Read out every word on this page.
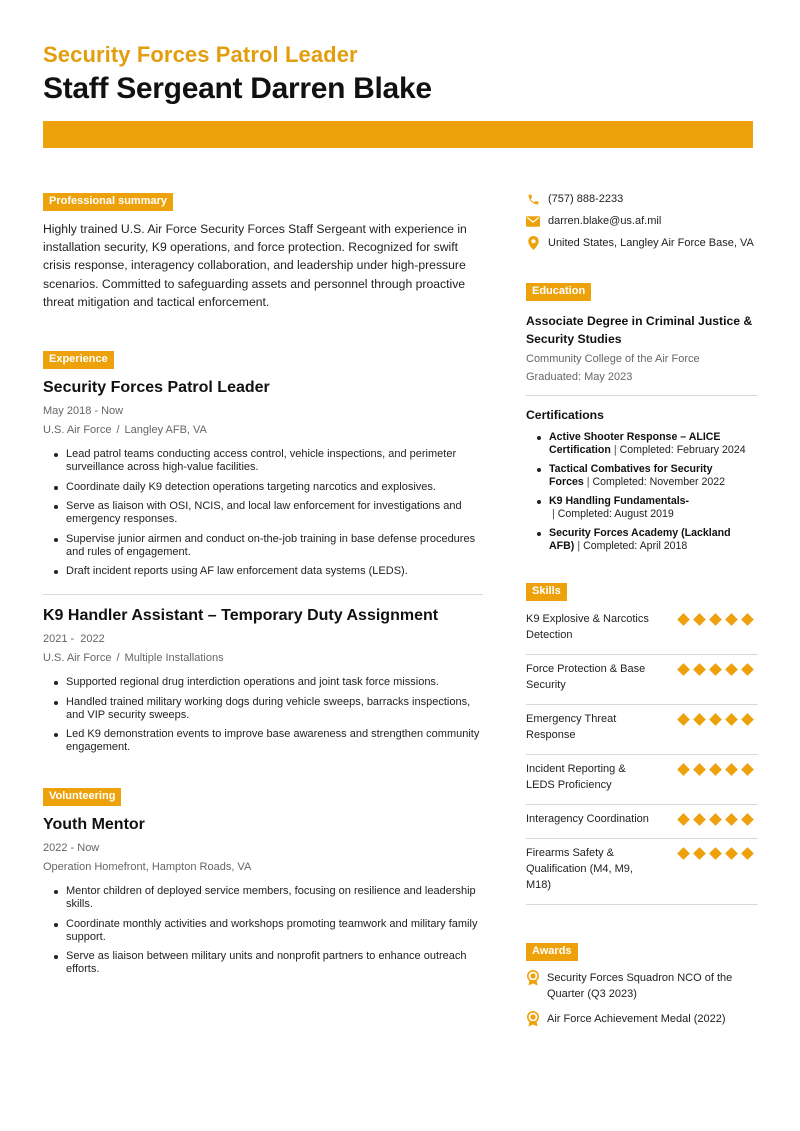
Security Forces Patrol Leader
Staff Sergeant Darren Blake
Professional summary
Highly trained U.S. Air Force Security Forces Staff Sergeant with experience in installation security, K9 operations, and force protection. Recognized for swift crisis response, interagency collaboration, and leadership under high-pressure scenarios. Committed to safeguarding assets and personnel through proactive threat mitigation and tactical enforcement.
Experience
Security Forces Patrol Leader
May 2018 - Now
U.S. Air Force / Langley AFB, VA
Lead patrol teams conducting access control, vehicle inspections, and perimeter surveillance across high-value facilities.
Coordinate daily K9 detection operations targeting narcotics and explosives.
Serve as liaison with OSI, NCIS, and local law enforcement for investigations and emergency responses.
Supervise junior airmen and conduct on-the-job training in base defense procedures and rules of engagement.
Draft incident reports using AF law enforcement data systems (LEDS).
K9 Handler Assistant – Temporary Duty Assignment
2021 -  2022
U.S. Air Force / Multiple Installations
Supported regional drug interdiction operations and joint task force missions.
Handled trained military working dogs during vehicle sweeps, barracks inspections, and VIP security sweeps.
Led K9 demonstration events to improve base awareness and strengthen community engagement.
Volunteering
Youth Mentor
2022 - Now
Operation Homefront, Hampton Roads, VA
Mentor children of deployed service members, focusing on resilience and leadership skills.
Coordinate monthly activities and workshops promoting teamwork and military family support.
Serve as liaison between military units and nonprofit partners to enhance outreach efforts.
(757) 888-2233
darren.blake@us.af.mil
United States, Langley Air Force Base, VA
Education
Associate Degree in Criminal Justice & Security Studies
Community College of the Air Force
Graduated: May 2023
Certifications
Active Shooter Response – ALICE Certification | Completed: February 2024
Tactical Combatives for Security Forces | Completed: November 2022
K9 Handling Fundamentals-
| Completed: August 2019
Security Forces Academy (Lackland AFB) | Completed: April 2018
Skills
K9 Explosive & Narcotics Detection
Force Protection & Base Security
Emergency Threat Response
Incident Reporting & LEDS Proficiency
Interagency Coordination
Firearms Safety & Qualification (M4, M9, M18)
Awards
Security Forces Squadron NCO of the Quarter (Q3 2023)
Air Force Achievement Medal (2022)
